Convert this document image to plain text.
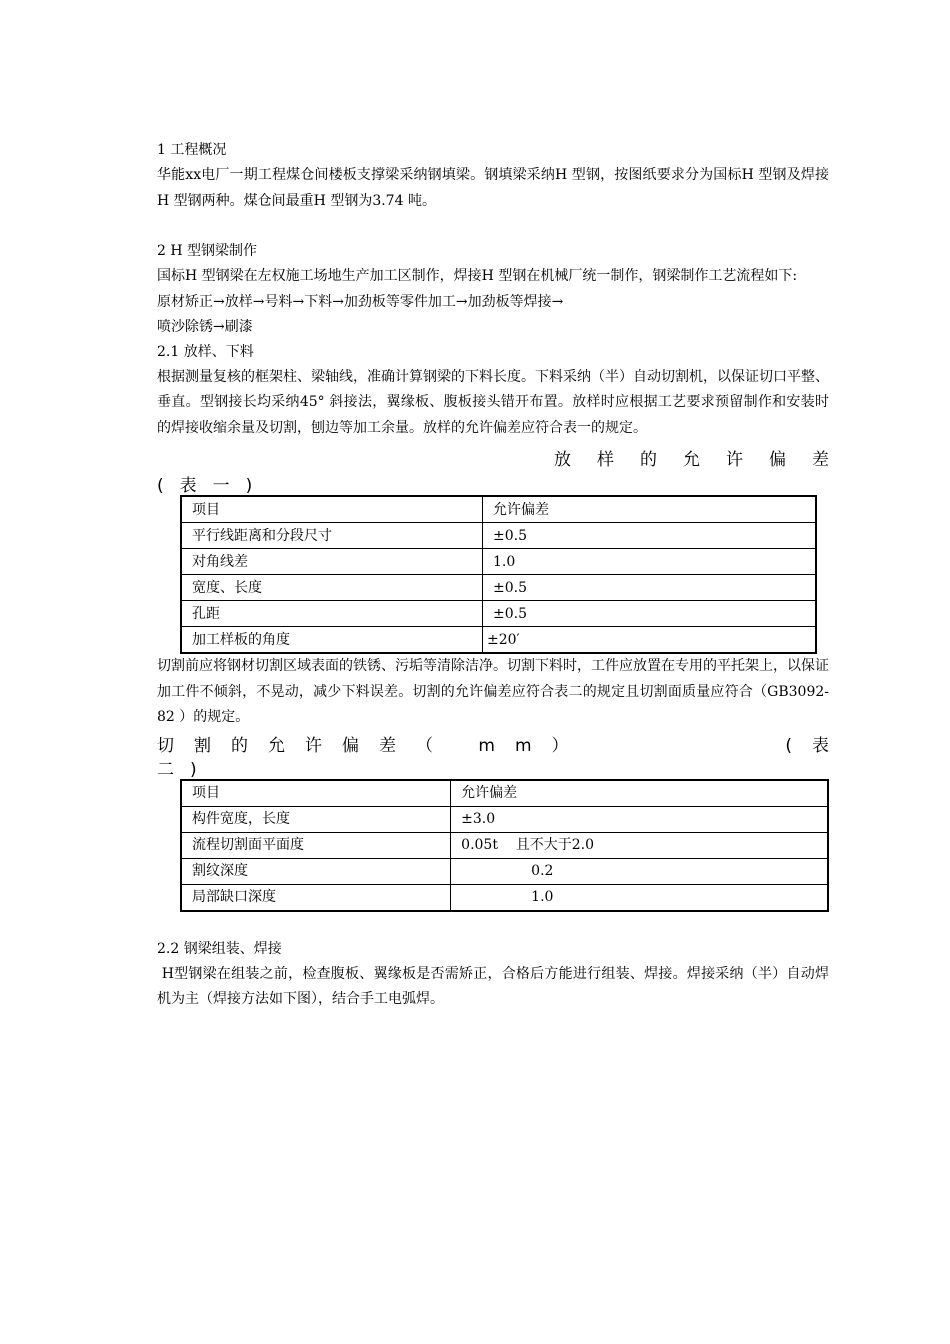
1 工程概况
华能xx电厂一期工程煤仓间楼板支撑梁采纳钢填梁。钢填梁采纳H 型钢，按图纸要求分为国标H 型钢及焊接H 型钢两种。煤仓间最重H 型钢为3.74 吨。
2 H 型钢梁制作
国标H 型钢梁在左权施工场地生产加工区制作，焊接H 型钢在机械厂统一制作，钢梁制作工艺流程如下:
原材矫正→放样→号料→下料→加劲板等零件加工→加劲板等焊接→
喷沙除锈→刷漆
2.1 放样、下料
根据测量复核的框架柱、梁轴线，准确计算钢梁的下料长度。下料采纳（半）自动切割机，以保证切口平整、垂直。型钢接长均采纳45° 斜接法，翼缘板、腹板接头错开布置。放样时应根据工艺要求预留制作和安装时的焊接收缩余量及切割，刨边等加工余量。放样的允许偏差应符合表一的规定。
放样的允许偏差
(表一)
项目	允许偏差
平行线距离和分段尺寸	±0.5
对角线差	1.0
宽度、长度	±0.5
孔距	±0.5
加工样板的角度	±20′
切割前应将钢材切割区域表面的铁锈、污垢等清除洁净。切割下料时，工件应放置在专用的平托架上，以保证加工件不倾斜，不晃动，减少下料误差。切割的允许偏差应符合表二的规定且切割面质量应符合（GB3092-82 ）的规定。
切割的允许偏差（ mm）	(表
二)
项目	允许偏差
构件宽度，长度	±3.0
流程切割面平面度	0.05t    且不大于2.0
割纹深度	0.2
局部缺口深度	1.0
2.2 钢梁组装、焊接
H型钢梁在组装之前，检查腹板、翼缘板是否需矫正，合格后方能进行组装、焊接。焊接采纳（半）自动焊机为主（焊接方法如下图），结合手工电弧焊。
